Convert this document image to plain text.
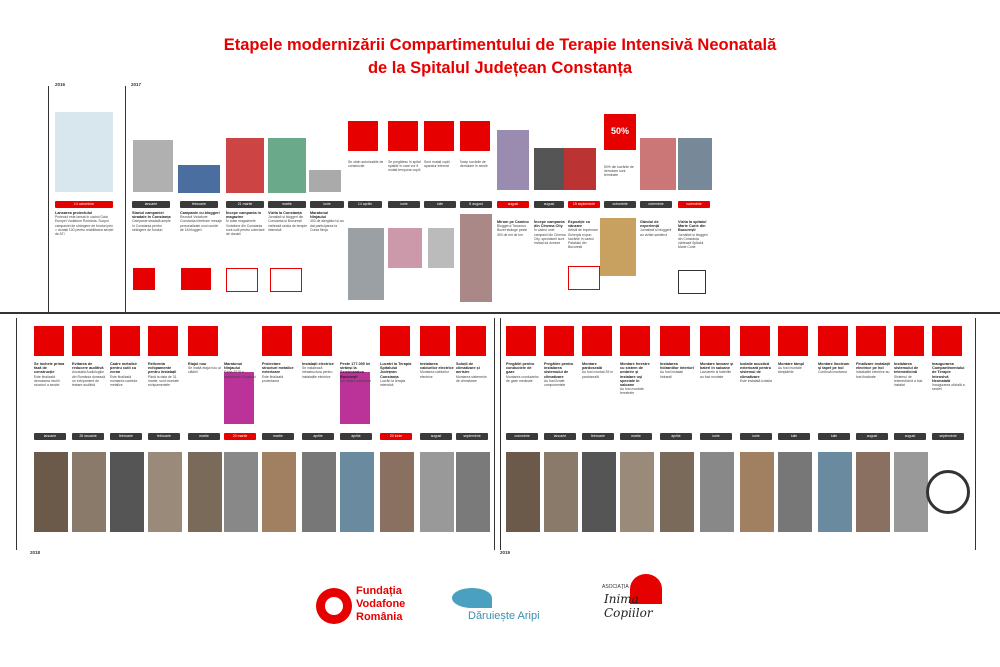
Etapele modernizării Compartimentului de Terapie Intensivă Neonatală
de la Spitalul Județean Constanța
2016	2017
2018	2019
14 octombrie
Lansarea proiectului
Proiectul este lansat în cadrul Gala Europei Vodafone România. Scopul campaniei de strângere de fonduri prin = donații 100 pentru reabilitarea secției de ATI
ianuarie	februarie	21 martie	martie	iunie
Startul campaniei stradale în Constanța
Campanie stradală ample în Constanța pentru strângere de fonduri
Campanie cu bloggeri
Rezolvă Vodafone Constanța întrebare mesaje personalizate unui număr de 18 bloggeri
Începe campania în magazine
În toate magazinele Vodafone din Constanța sunt cutii pentru colectare de donații
Vizita la Constanța
Jurnaliști și bloggeri din Constanța și București vizitează secția de terapie intensivă
Maratonul Ninjaului
400 de alergători și-au dat participarea la Cursa Ninja
Se obțin autorizațiile de construcție
Se pregătesc în spital spațiile în care vor fi mutați temporar copiii
Sunt mutați copiii aparatur internat
Încep lucrările de demolare în secție
14 aprilie	iunie	iulie	8 august
50%
50% din lucrările de demolare sunt terminate
august	august	15 septembrie	octombrie	noiembrie	noiembrie
Mirum pe Camino
Bloggerul Tanomus Buzet strânge peste 300 de mii de km
Începe campania din Cinema City
În cadrul unei campanii din Cinema City, spectatorii sunt invitați să doneze
Expoziție cu vânzare
Artiștii de imprimare Scherpis expun lucrările în cadrul Palatului din București
Gândul de experiență
Jurnaliștii și bloggerii au vizitat șantierul
Vizita la spitalul Marie Curie din București
Jurnaliști și bloggeri din Constanța vizitează Spitalul Marie Curie
Se încheie prima fază de construcție
Este finalizată demolarea vechii structuri a secției
ianuarie
Evitarea de reducere auditivă
Asociația Audiologilor din România donează un echipament de testare auditivă
26 ianuarie
Cadre metalice pentru cutii cu ecran
Este finalizată montarea cadrelor metalice
februarie
Relicenta echipamente pentru instalații
Până la data de 31 martie, sunt montate echipamentele
februarie
Etajul nou
Se înalță etajul nou al clădirii
martie
Maratonul Ninjaului
Ediția 2018 a maratonului Ninjaului
23 martie
Proiectare structuri metalice exterioare
Este finalizată proiectarea
martie
Instalații electrice
Se instalează infrastructura pentru instalațiile electrice
aprilie
Peste 177.000 lei strânși la Semimaraton București
Din totalul oamenilor
aprilie
Lucrări la Terapia Spitalului Județean Constanța
Lucrări la terapia intensivă
20 iunie
Instalarea cablurilor electrice
Montarea cablurilor electrice
august
Soluții de climatizare și aerisire
Montarea sistemelor de climatizare
septembrie
Pregătiri pentru conductele de gaze
Montarea conductelor de gaze medicale
octombrie
Pregătire pentru instalarea sistemului de climatizare
Au fost livrate componentele
ianuarie
Montare pardoseală
Au fost montați 35 m pardoseală
februarie
Montare ferestre cu sistem de umbrire și instalare uși speciale în saloane
Au fost montate ferestrele
martie
Instalarea hidrantilor interiori
Au fost instalați hidranții
aprilie
Montare lavoare și bateri în saloane
Lavoarele și bateriile au fost montate
iunie
Izolatie acustică exterioară pentru sistemul de climatizare
Este instalată izolația
iunie
Montare tâmpl
Au fost montate tâmplăriile
iulie
Montare linoleum și tapet pe hol
Continuă montarea
iulie
Finalizare instalații electrice pe hol
Instalațiile electrice au fost finalizate
august
Instalarea sistemului de telemedicină
Sistemul de telemedicină a fost instalat
august
Inaugurarea Compartimentului de Terapie Intensivă Neonatală
Inaugurarea oficială a secției
septembrie
Fundația
Vodafone
România	Dăruiește Aripi
ASOCIAȚIA
Inima
Copiilor
